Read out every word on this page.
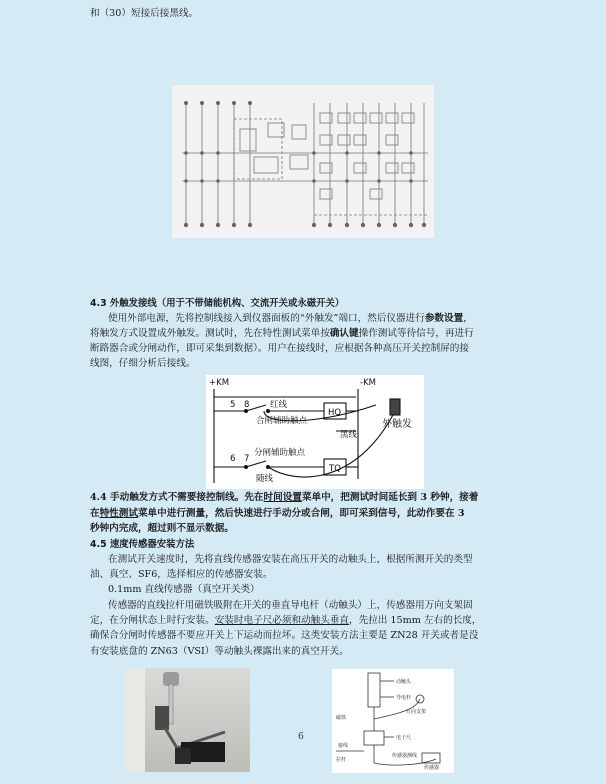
和（30）短接后接黑线。
4.3 外触发接线（用于不带储能机构、交流开关或永磁开关）
使用外部电源，先将控制线接入到仪器面板的“外触发”端口，然后仪器进行参数设置，
将触发方式设置成外触发。测试时，先在特性测试菜单按确认键操作测试等待信号，再进行
断路器合或分闸动作，即可采集到数据）。用户在接线时，应根据各种高压开关控制屏的接
线图，仔细分析后接线。
+KM	-KM
5 8 红线
合闸辅助触点
HQ
黑线
外触发
6 7
分闸辅助触点
随线
TQ
4.4 手动触发方式不需要接控制线。先在时间设置菜单中，把测试时间延长到 3 秒钟，接着
在特性测试菜单中进行测量，然后快速进行手动分或合闸，即可采到信号，此动作要在 3
秒钟内完成，超过则不显示数据。
4.5 速度传感器安装方法
在测试开关速度时，先将直线传感器安装在高压开关的动触头上，根据所测开关的类型
油、真空、SF6，选择相应的传感器安装。
0.1mm 直线传感器（真空开关类）
传感器的直线拉杆用磁铁吸附在开关的垂直导电杆（动触头）上，传感器用万向支架固
定，在分闸状态上时行安装。安装时电子尺必须和动触头垂直，先拉出 15mm 左右的长度，
确保合分闸时传感器不要应开关上下运动而拉坏。这类安装方法主要是 ZN28 开关或者是没
有安装底盘的 ZN63（VSI）等动触头裸露出来的真空开关。
动触头
导电杆
万向支架
电子尺
磁铁
传感器
接线
拉杆
传感器测线
6
